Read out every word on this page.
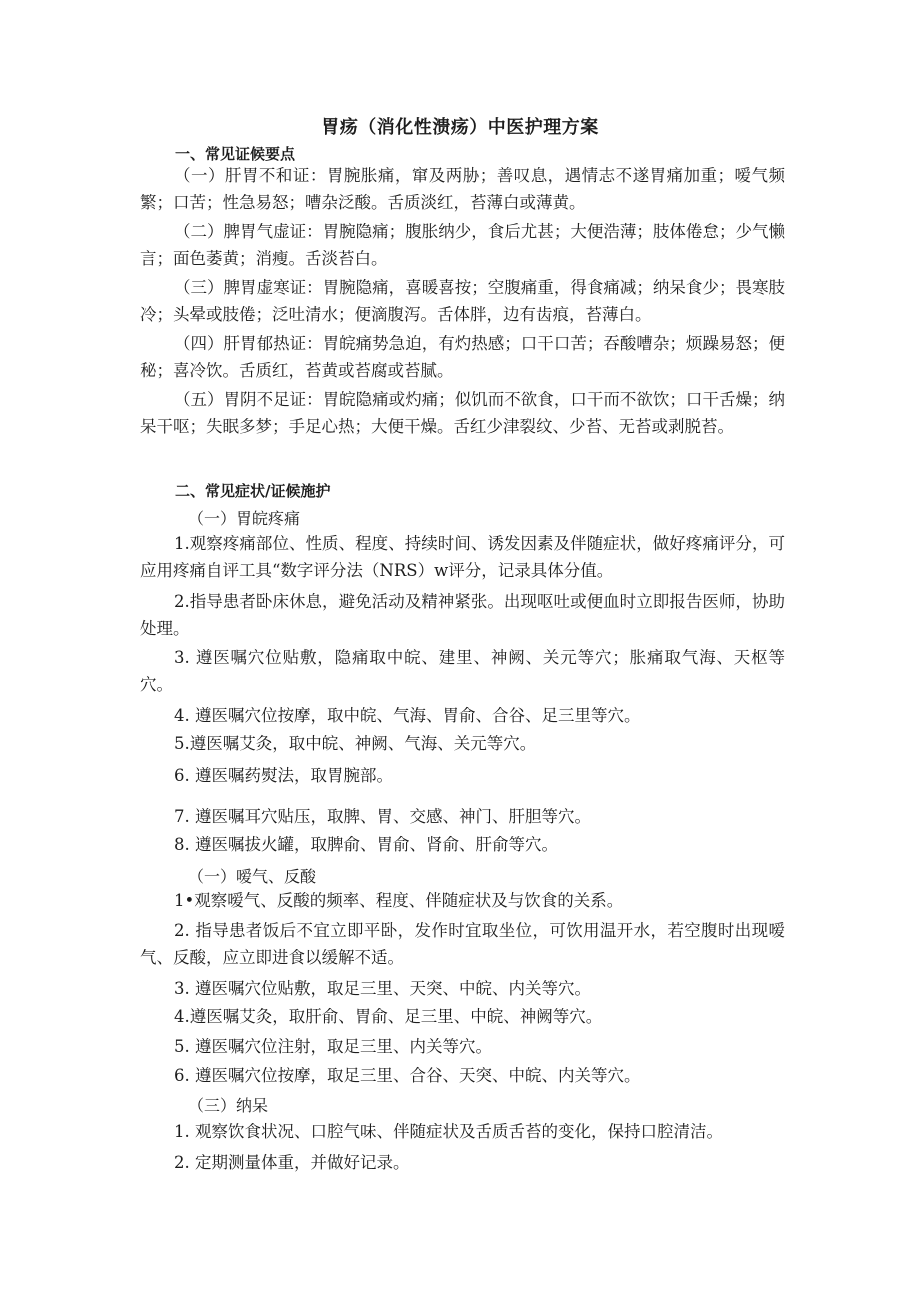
胃疡（消化性溃疡）中医护理方案
一、常见证候要点
（一）肝胃不和证：胃腕胀痛，窜及两胁；善叹息，遇情志不遂胃痛加重；嗳气频繁；口苦；性急易怒；嘈杂泛酸。舌质淡红，苔薄白或薄黄。
（二）脾胃气虚证：胃腕隐痛；腹胀纳少，食后尤甚；大便浩薄；肢体倦怠；少气懒言；面色萎黄；消瘦。舌淡苔白。
（三）脾胃虚寒证：胃腕隐痛，喜暖喜按；空腹痛重，得食痛减；纳呆食少；畏寒肢冷；头晕或肢倦；泛吐清水；便滴腹泻。舌体胖，边有齿痕，苔薄白。
（四）肝胃郁热证：胃皖痛势急迫，有灼热感；口干口苦；吞酸嘈杂；烦躁易怒；便秘；喜冷饮。舌质红，苔黄或苔腐或苔腻。
（五）胃阴不足证：胃皖隐痛或灼痛；似饥而不欲食，口干而不欲饮；口干舌燥；纳呆干呕；失眠多梦；手足心热；大便干燥。舌红少津裂纹、少苔、无苔或剥脱苔。
二、常见症状/证候施护
（一）胃皖疼痛
1.观察疼痛部位、性质、程度、持续时间、诱发因素及伴随症状，做好疼痛评分，可应用疼痛自评工具“数字评分法（NRS）w评分，记录具体分值。
2.指导患者卧床休息，避免活动及精神紧张。出现呕吐或便血时立即报告医师，协助处理。
3. 遵医嘱穴位贴敷，隐痛取中皖、建里、神阙、关元等穴；胀痛取气海、天枢等穴。
4. 遵医嘱穴位按摩，取中皖、气海、胃俞、合谷、足三里等穴。
5.遵医嘱艾灸，取中皖、神阙、气海、关元等穴。
6. 遵医嘱药熨法，取胃腕部。
7. 遵医嘱耳穴贴压，取脾、胃、交感、神门、肝胆等穴。
8. 遵医嘱拔火罐，取脾俞、胃俞、肾俞、肝俞等穴。
（一）嗳气、反酸
1•观察嗳气、反酸的频率、程度、伴随症状及与饮食的关系。
2. 指导患者饭后不宜立即平卧，发作时宜取坐位，可饮用温开水，若空腹时出现嗳气、反酸，应立即进食以缓解不适。
3. 遵医嘱穴位贴敷，取足三里、天突、中皖、内关等穴。
4.遵医嘱艾灸，取肝俞、胃俞、足三里、中皖、神阙等穴。
5. 遵医嘱穴位注射，取足三里、内关等穴。
6. 遵医嘱穴位按摩，取足三里、合谷、天突、中皖、内关等穴。
（三）纳呆
1. 观察饮食状况、口腔气味、伴随症状及舌质舌苔的变化，保持口腔清洁。
2. 定期测量体重，并做好记录。
